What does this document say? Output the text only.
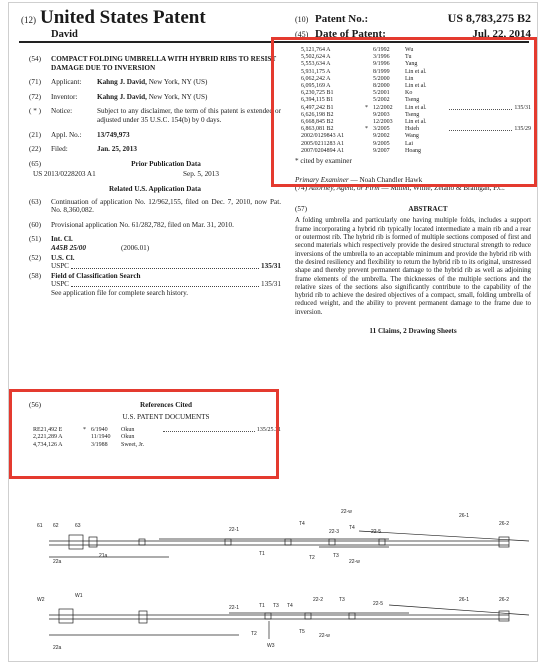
(12) United States Patent
David
(10) Patent No.:	US 8,783,275 B2
(45) Date of Patent:	Jul. 22, 2014
(54)	COMPACT FOLDING UMBRELLA WITH HYBRID RIBS TO RESIST DAMAGE DUE TO INVERSION
(71)	Applicant:	Kahng J. David, New York, NY (US)
(72)	Inventor:	Kahng J. David, New York, NY (US)
( * )	Notice:	Subject to any disclaimer, the term of this patent is extended or adjusted under 35 U.S.C. 154(b) by 0 days.
(21)	Appl. No.:	13/749,973
(22)	Filed:	Jan. 25, 2013
(65)	Prior Publication Data
US 2013/0228203 A1	Sep. 5, 2013
Related U.S. Application Data
(63)	Continuation of application No. 12/962,155, filed on Dec. 7, 2010, now Pat. No. 8,360,082.
(60)	Provisional application No. 61/282,782, filed on Mar. 31, 2010.
(51)	Int. Cl.
A45B 25/00	(2006.01)
(52)	U.S. Cl.
USPC	135/31
(58)	Field of Classification Search
USPC	135/31
See application file for complete search history.
(56)	References Cited
U.S. PATENT DOCUMENTS
RE21,492 E	* 6/1940	Okun	135/25.31
2,221,289 A	11/1940	Okun
4,734,126 A	3/1988	Sweet, Jr.
5,121,764 A	6/1992	Wu
5,502,624 A	3/1996	Tu
5,553,634 A	9/1996	Yang
5,931,175 A	8/1999	Lin et al.
6,062,242 A	5/2000	Lin
6,095,169 A	8/2000	Lin et al.
6,230,725 B1	5/2001	Ko
6,394,115 B1	5/2002	Tseng
6,497,242 B1	* 12/2002	Lin et al.	135/31
6,626,198 B2	9/2003	Tseng
6,668,845 B2	12/2003	Lin et al.
6,863,081 B2	* 3/2005	Hsieh	135/29
2002/0129843 A1	9/2002	Wang
2005/0211283 A1	9/2005	Lai
2007/0204894 A1	9/2007	Hoang
* cited by examiner
Primary Examiner — Noah Chandler Hawk
(74) Attorney, Agent, or Firm — Millen, White, Zelano & Branigan, P.C.
(57)	ABSTRACT
A folding umbrella and particularly one having multiple folds, includes a support frame incorporating a hybrid rib typically located intermediate a main rib and a rear or outermost rib. The hybrid rib is formed of multiple sections composed of first and second materials which respectively provide the desired structural strength to reduce inversions of the umbrella to an acceptable minimum and provide the hybrid rib with the desired resiliency and flexibility to return the hybrid rib to its original, unstressed shape and thereby prevent permanent damage to the hybrid rib as well as adjoining frame elements of the umbrella. The thicknesses of the multiple sections and the relative sizes of the sections also significantly contribute to the capability of the hybrid rib to achieve the desired objectives of a compact, small, folding umbrella of reduced weight, and the ability to prevent permanent damage to the frame due to inversion.
11 Claims, 2 Drawing Sheets
61 62	63
22-1
T4
22-3
T4
22-5
22-w
26-1
26-2
22a
21a	T1
T2	T3
22-w
W2
W1
22-1	T1 T3 T4
22-2	T3
22-5
26-1	26-2
22a
T2	T5
W3
22-w
